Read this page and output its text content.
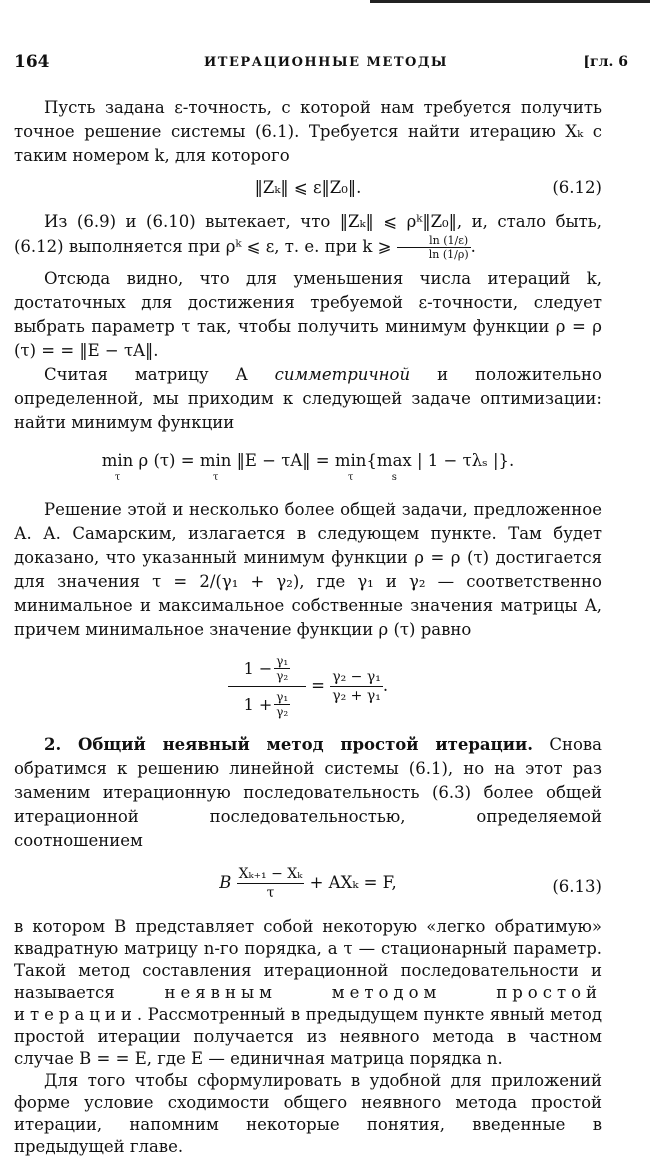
164	ИТЕРАЦИОННЫЕ МЕТОДЫ	[гл. 6

Пусть задана ε-точность, с которой нам требуется получить точное решение системы (6.1). Требуется найти итерацию Xₖ с таким номером k, для которого

‖Zₖ‖ ⩽ ε‖Z₀‖.	(6.12)

Из (6.9) и (6.10) вытекает, что ‖Zₖ‖ ⩽ ρᵏ‖Z₀‖, и, стало быть, (6.12) выполняется при ρᵏ ⩽ ε, т. е. при k ⩾ $\frac{\ln (1/\varepsilon)}{\ln (1/\rho)}$ .

Отсюда видно, что для уменьшения числа итераций k, достаточных для достижения требуемой ε-точности, следует выбрать параметр τ так, чтобы получить минимум функции ρ = ρ (τ) = = ‖E − τA‖.

Считая матрицу A симметричной и положительно определенной, мы приходим к следующей задаче оптимизации: найти минимум функции

min
τ
ρ (τ) = min
τ
‖E − τA‖ = min
τ
{max
s
| 1 − τλₛ |}.

Решение этой и несколько более общей задачи, предложенное А. А. Самарским, излагается в следующем пункте. Там будет доказано, что указанный минимум функции ρ = ρ (τ) достигается для значения τ = 2/(γ₁ + γ₂), где γ₁ и γ₂ — соответственно минимальное и максимальное собственные значения матрицы A, причем минимальное значение функции ρ (τ) равно

$\frac{1 - \frac{\text{γ₁}}{\text{γ₂}}}{1 + \frac{\text{γ₁}}{\text{γ₂}}} = \frac{\text{γ₂ − γ₁}}{\text{γ₂ + γ₁}}$ .

2. Общий неявный метод простой итерации. Снова обратимся к решению линейной системы (6.1), но на этот раз заменим итерационную последовательность (6.3) более общей итерационной последовательностью, определяемой соотношением

B $\frac{\text{Xₖ₊₁ − Xₖ}}{\tau} + AX_k = F$,	(6.13)

в котором B представляет собой некоторую «легко обратимую» квадратную матрицу n-го порядка, а τ — стационарный параметр. Такой метод составления итерационной последовательности и называется	неявным методом простой итерации. Рассмотренный в предыдущем пункте явный метод простой итерации получается из неявного метода в частном случае B = = E, где E — единичная матрица порядка n.

Для того чтобы сформулировать в удобной для приложений форме условие сходимости общего неявного метода простой итерации, напомним некоторые понятия, введенные в предыдущей главе.
